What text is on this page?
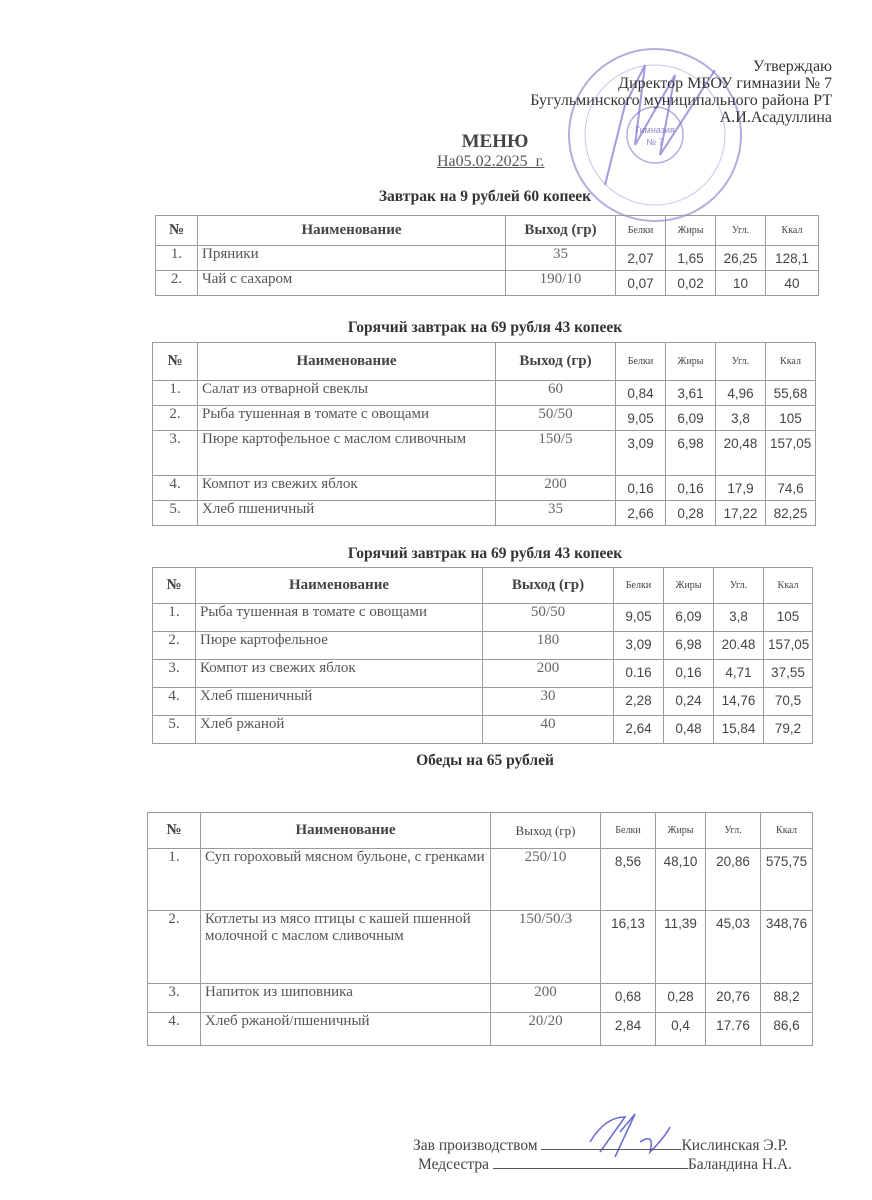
Гимназия
№ 7
Утверждаю
Директор МБОУ гимназии № 7
Бугульминского муниципального района РТ
А.И.Асадуллина
МЕНЮ
На05.02.2025_г.
Завтрак на 9 рублей 60 копеек
№	Наименование	Выход (гр)	Белки	Жиры	Угл.	Ккал
1.	Пряники	35	2,07	1,65	26,25	128,1
2.	Чай с сахаром	190/10	0,07	0,02	10	40
Горячий завтрак на 69 рубля 43 копеек
№	Наименование	Выход (гр)	Белки	Жиры	Угл.	Ккал
1.	Салат из отварной свеклы	60	0,84	3,61	4,96	55,68
2.	Рыба тушенная в томате с овощами	50/50	9,05	6,09	3,8	105
3.	Пюре картофельное с маслом сливочным	150/5	3,09	6,98	20,48	157,05
4.	Компот из свежих яблок	200	0,16	0,16	17,9	74,6
5.	Хлеб пшеничный	35	2,66	0,28	17,22	82,25
Горячий завтрак на 69 рубля 43 копеек
№	Наименование	Выход (гр)	Белки	Жиры	Угл.	Ккал
1.	Рыба тушенная в томате с овощами	50/50	9,05	6,09	3,8	105
2.	Пюре картофельное	180	3,09	6,98	20.48	157,05
3.	Компот из свежих яблок	200	0.16	0,16	4,71	37,55
4.	Хлеб пшеничный	30	2,28	0,24	14,76	70,5
5.	Хлеб ржаной	40	2,64	0,48	15,84	79,2
Обеды на 65 рублей
№	Наименование	Выход (гр)	Белки	Жиры	Угл.	Ккал
1.	Суп гороховый мясном бульоне, с гренками	250/10	8,56	48,10	20,86	575,75
2.	Котлеты из мясо птицы с кашей пшенной молочной с маслом сливочным	150/50/3	16,13	11,39	45,03	348,76
3.	Напиток из шиповника	200	0,68	0,28	20,76	88,2
4.	Хлеб ржаной/пшеничный	20/20	2,84	0,4	17.76	86,6
Зав производством	Кислинская Э.Р.
Медсестра	Баландина Н.А.
